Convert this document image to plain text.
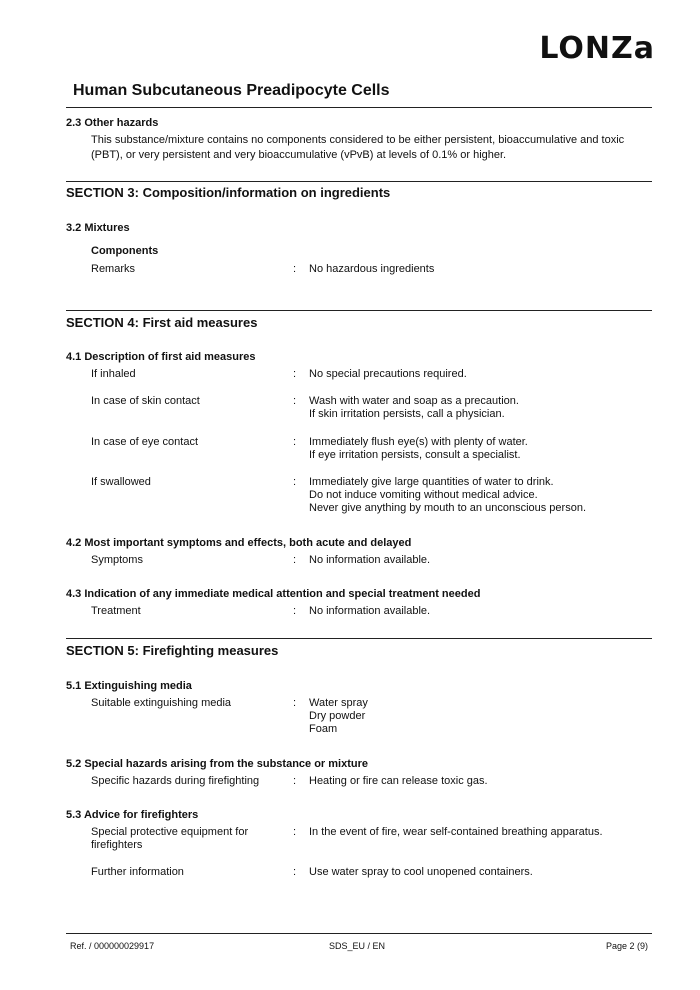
LONZa
Human Subcutaneous Preadipocyte Cells
2.3 Other hazards

This substance/mixture contains no components considered to be either persistent, bioaccumulative and toxic (PBT), or very persistent and very bioaccumulative (vPvB) at levels of 0.1% or higher.

SECTION 3: Composition/information on ingredients
3.2 Mixtures
Components
Remarks	: No hazardous ingredients
SECTION 4: First aid measures
4.1 Description of first aid measures
If inhaled	: No special precautions required.
In case of skin contact	: Wash with water and soap as a precaution.
If skin irritation persists, call a physician.
In case of eye contact	: Immediately flush eye(s) with plenty of water.
If eye irritation persists, consult a specialist.
If swallowed	: Immediately give large quantities of water to drink.
Do not induce vomiting without medical advice.
Never give anything by mouth to an unconscious person.
4.2 Most important symptoms and effects, both acute and delayed
Symptoms	: No information available.
4.3 Indication of any immediate medical attention and special treatment needed
Treatment	: No information available.
SECTION 5: Firefighting measures
5.1 Extinguishing media
Suitable extinguishing media	: Water spray
Dry powder
Foam
5.2 Special hazards arising from the substance or mixture
Specific hazards during firefighting	: Heating or fire can release toxic gas.
5.3 Advice for firefighters
Special protective equipment for firefighters
: In the event of fire, wear self-contained breathing apparatus.
Further information	: Use water spray to cool unopened containers.
Ref. / 000000029917	SDS_EU / EN	Page 2 (9)
